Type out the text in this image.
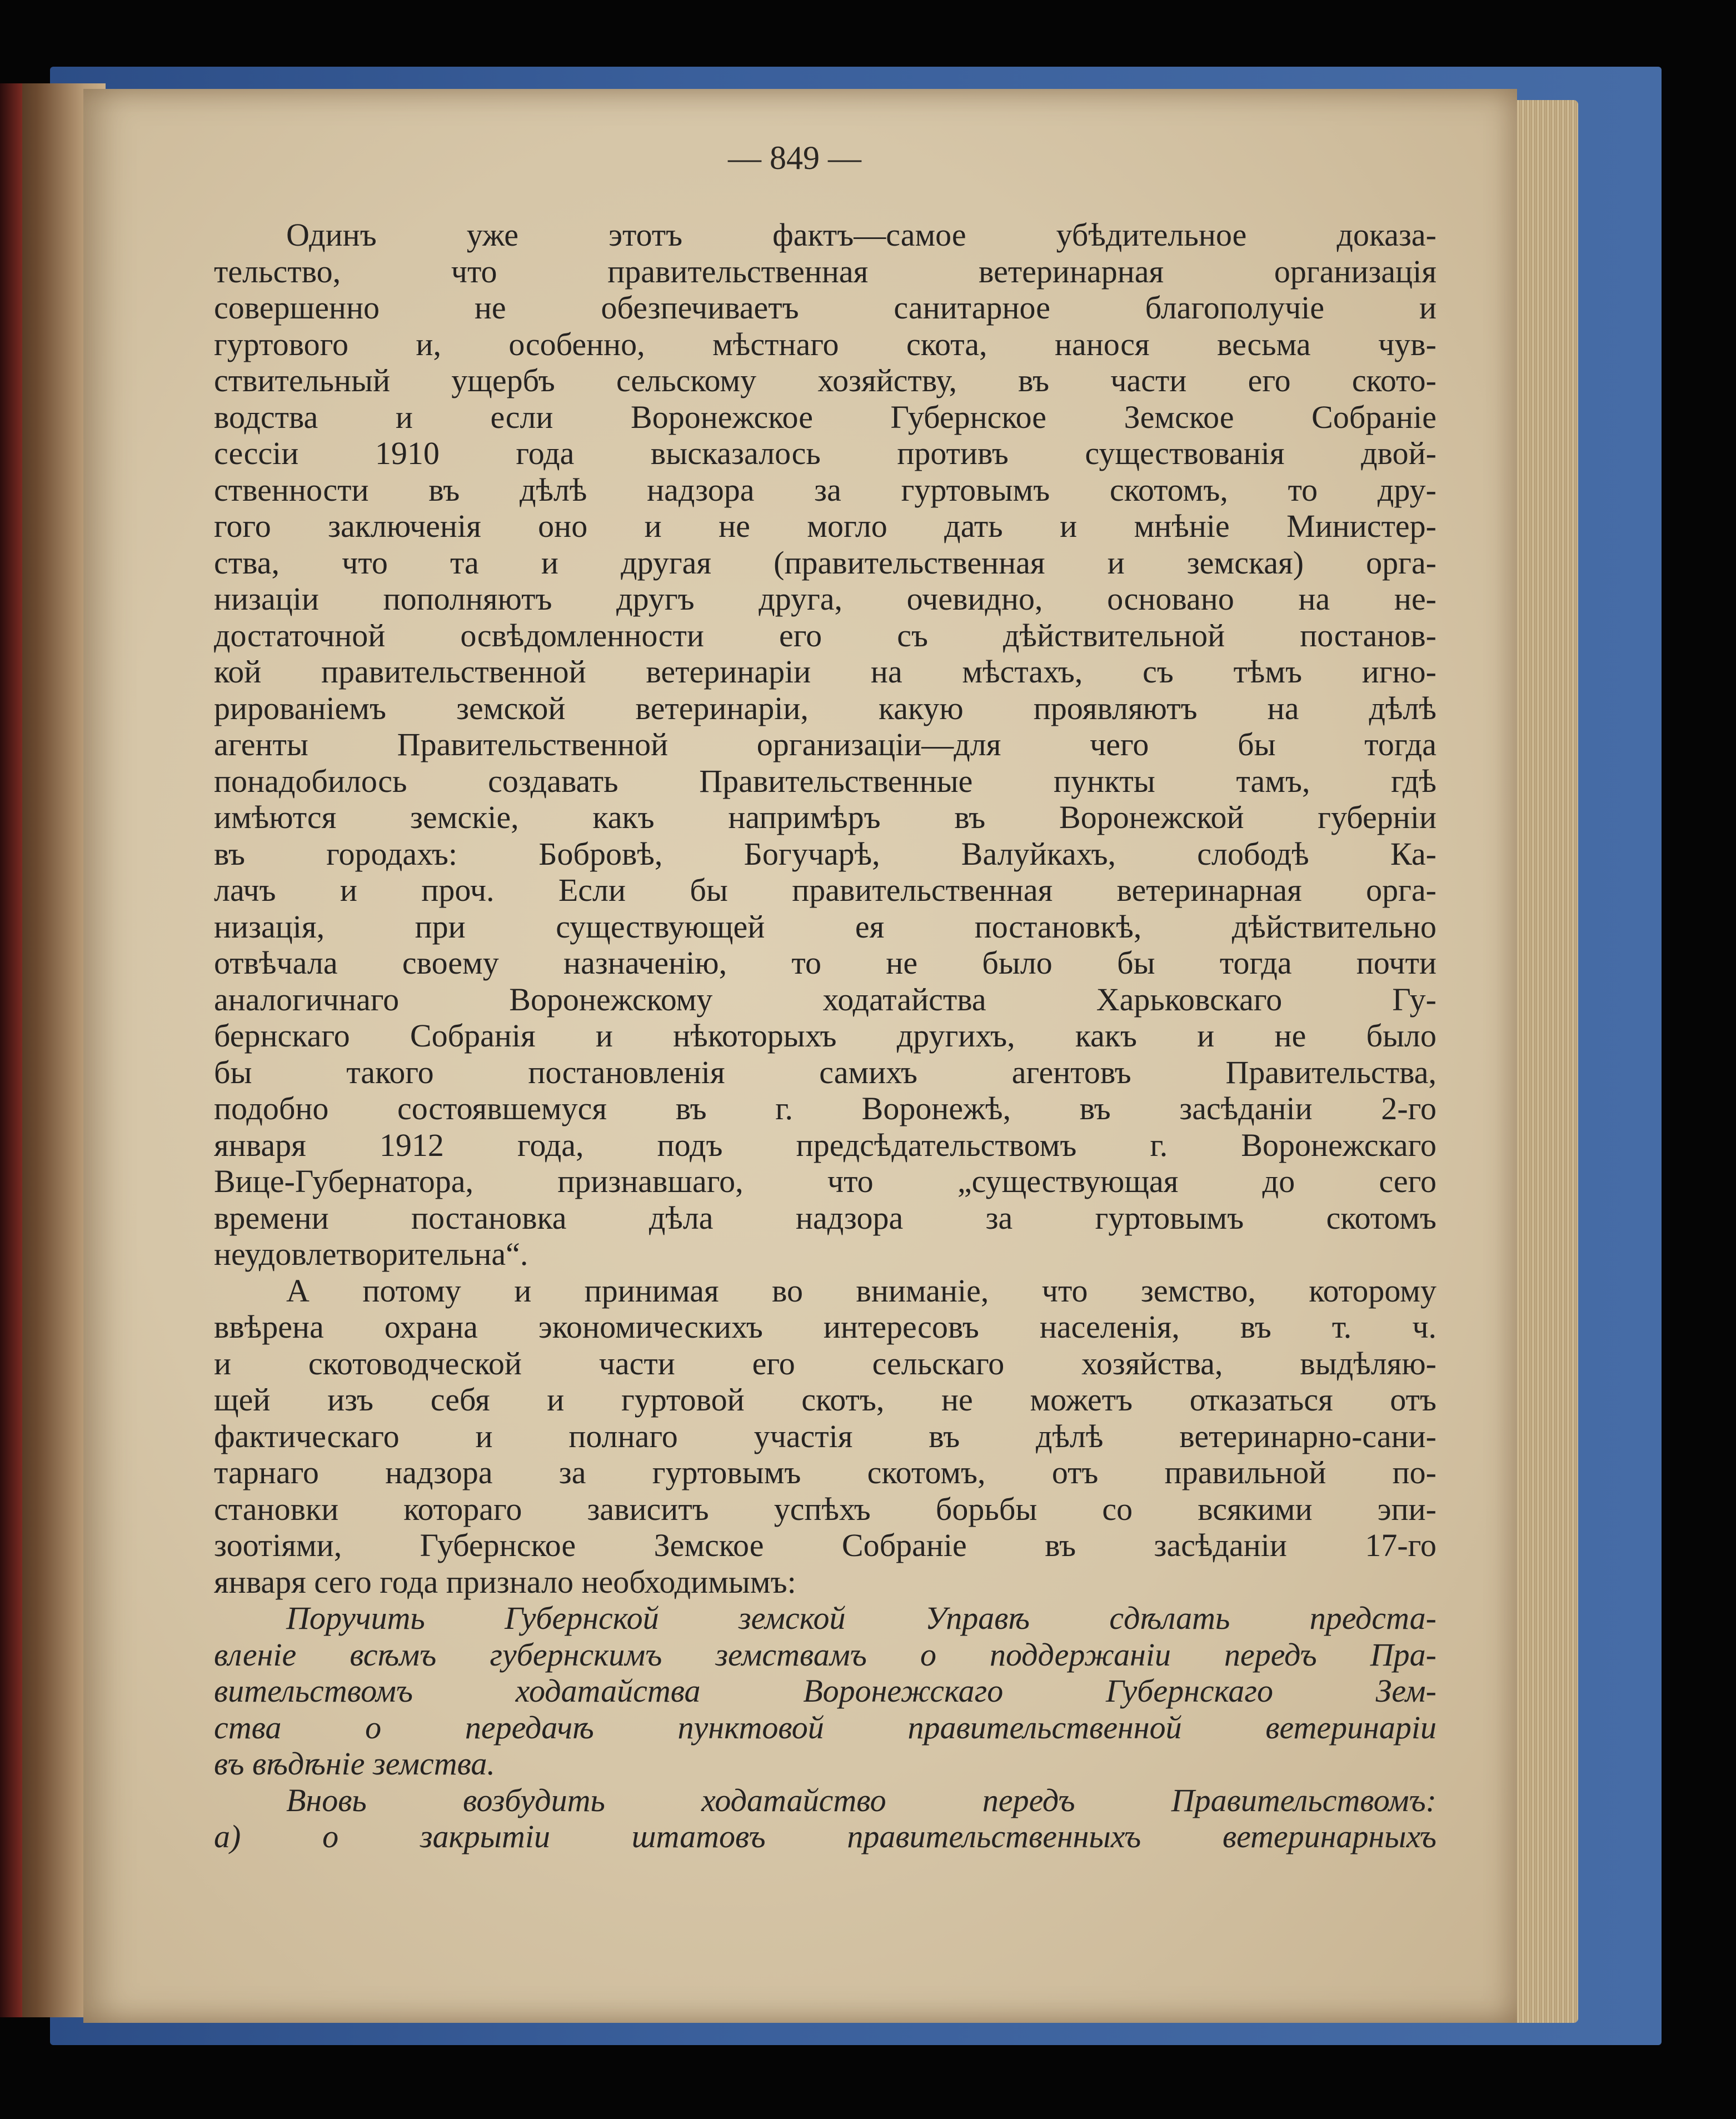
— 849 —
Одинъ уже этотъ фактъ—самое убѣдительное доказа-
тельство, что правительственная ветеринарная организацiя
совершенно не обезпечиваетъ санитарное благополучiе и
гуртового и, особенно, мѣстнаго скота, нанося весьма чув-
ствительный ущербъ сельскому хозяйству, въ части его ското-
водства и если Воронежское Губернское Земское Собранiе
сессiи 1910 года высказалось противъ существованiя двой-
ственности въ дѣлѣ надзора за гуртовымъ скотомъ, то дру-
гого заключенiя оно и не могло дать и мнѣнiе Министер-
ства, что та и другая (правительственная и земская) орга-
низацiи пополняютъ другъ друга, очевидно, основано на не-
достаточной освѣдомленности его съ дѣйствительной постанов-
кой правительственной ветеринарiи на мѣстахъ, съ тѣмъ игно-
рированiемъ земской ветеринарiи, какую проявляютъ на дѣлѣ
агенты Правительственной организацiи—для чего бы тогда
понадобилось создавать Правительственные пункты тамъ, гдѣ
имѣются земскiе, какъ напримѣръ въ Воронежской губернiи
въ городахъ: Бобровѣ, Богучарѣ, Валуйкахъ, слободѣ Ка-
лачъ и проч. Если бы правительственная ветеринарная орга-
низацiя, при существующей ея постановкѣ, дѣйствительно
отвѣчала своему назначенiю, то не было бы тогда почти
аналогичнаго Воронежскому ходатайства Харьковскаго Гу-
бернскаго Собранiя и нѣкоторыхъ другихъ, какъ и не было
бы такого постановленiя самихъ агентовъ Правительства,
подобно состоявшемуся въ г. Воронежѣ, въ засѣданiи 2-го
января 1912 года, подъ предсѣдательствомъ г. Воронежскаго
Вице-Губернатора, признавшаго, что „существующая до сего
времени постановка дѣла надзора за гуртовымъ скотомъ
неудовлетворительна“.
А потому и принимая во вниманiе, что земство, которому
ввѣрена охрана экономическихъ интересовъ населенiя, въ т. ч.
и скотоводческой части его сельскаго хозяйства, выдѣляю-
щей изъ себя и гуртовой скотъ, не можетъ отказаться отъ
фактическаго и полнаго участiя въ дѣлѣ ветеринарно-сани-
тарнаго надзора за гуртовымъ скотомъ, отъ правильной по-
становки котораго зависитъ успѣхъ борьбы со всякими эпи-
зоотiями, Губернское Земское Собранiе въ засѣданiи 17-го
января сего года признало необходимымъ:
Поручить Губернской земской Управѣ сдѣлать предста-
вленiе всѣмъ губернскимъ земствамъ о поддержанiи передъ Пра-
вительствомъ ходатайства Воронежскаго Губернскаго Зем-
ства о передачѣ пунктовой правительственной ветеринарiи
въ вѣдѣнiе земства.
Вновь возбудить ходатайство передъ Правительствомъ:
а) о закрытiи штатовъ правительственныхъ ветеринарныхъ
